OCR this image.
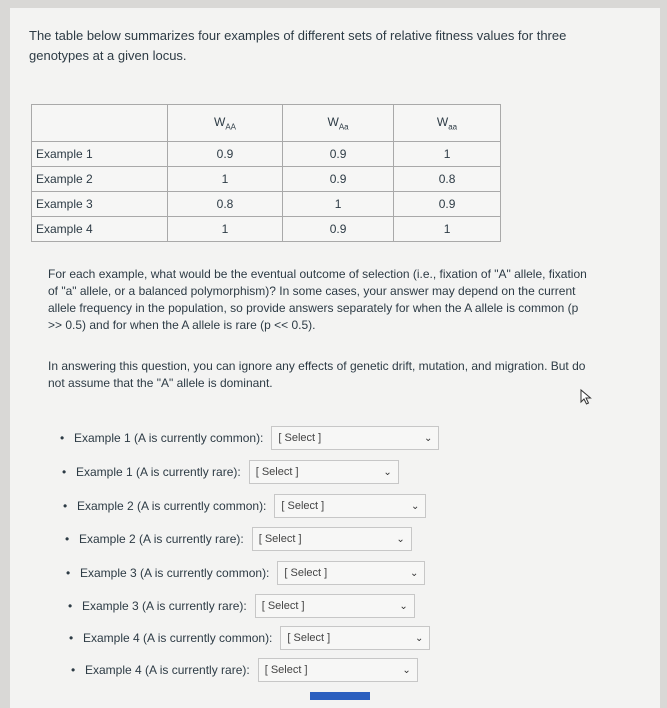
The table below summarizes four examples of different sets of relative fitness values for three genotypes at a given locus.
	$W_{AA}$	$W_{Aa}$	$W_{aa}$
Example 1	0.9	0.9	1
Example 2	1	0.9	0.8
Example 3	0.8	1	0.9
Example 4	1	0.9	1
For each example, what would be the eventual outcome of selection (i.e., fixation of "A" allele, fixation of "a" allele, or a balanced polymorphism)? In some cases, your answer may depend on the current allele frequency in the population, so provide answers separately for when the A allele is common (p >> 0.5) and for when the A allele is rare (p << 0.5).
In answering this question, you can ignore any effects of genetic drift, mutation, and migration. But do not assume that the "A" allele is dominant.
• Example 1 (A is currently common): [ Select ]	⌄
• Example 1 (A is currently rare): [ Select ]	⌄
• Example 2 (A is currently common): [ Select ]	⌄
• Example 2 (A is currently rare): [ Select ]	⌄
• Example 3 (A is currently common): [ Select ]	⌄
• Example 3 (A is currently rare): [ Select ]	⌄
• Example 4 (A is currently common): [ Select ]	⌄
• Example 4 (A is currently rare): [ Select ]	⌄
